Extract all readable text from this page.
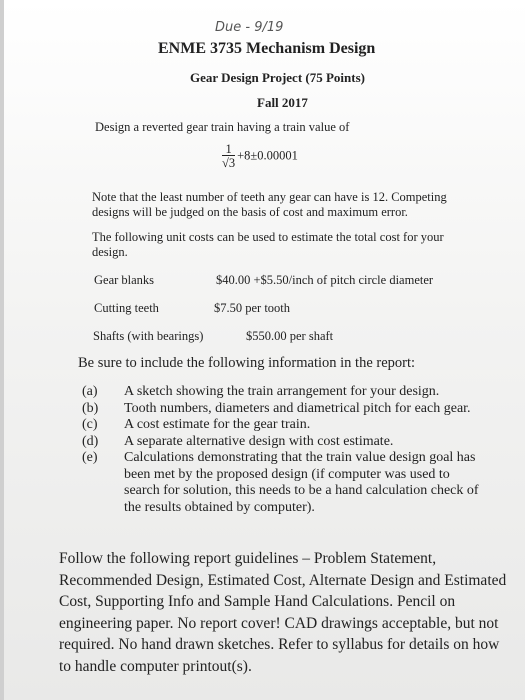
Due - 9/19
ENME 3735 Mechanism Design
Gear Design Project (75 Points)
Fall 2017
Design a reverted gear train having a train value of
$\frac{1}{√3} +8\pm 0.00001$
Note that the least number of teeth any gear can have is 12. Competing
designs will be judged on the basis of cost and maximum error.
The following unit costs can be used to estimate the total cost for your
design.
Gear blanks	$40.00 +$5.50/inch of pitch circle diameter
Cutting teeth	$7.50 per tooth
Shafts (with bearings)	$550.00 per shaft
Be sure to include the following information in the report:
(a)	A sketch showing the train arrangement for your design.
(b)	Tooth numbers, diameters and diametrical pitch for each gear.
(c)	A cost estimate for the gear train.
(d)	A separate alternative design with cost estimate.
(e)	Calculations demonstrating that the train value design goal has
been met by the proposed design (if computer was used to
search for solution, this needs to be a hand calculation check of
the results obtained by computer).
Follow the following report guidelines – Problem Statement,
Recommended Design, Estimated Cost, Alternate Design and Estimated
Cost, Supporting Info and Sample Hand Calculations. Pencil on
engineering paper. No report cover! CAD drawings acceptable, but not
required. No hand drawn sketches. Refer to syllabus for details on how
to handle computer printout(s).
